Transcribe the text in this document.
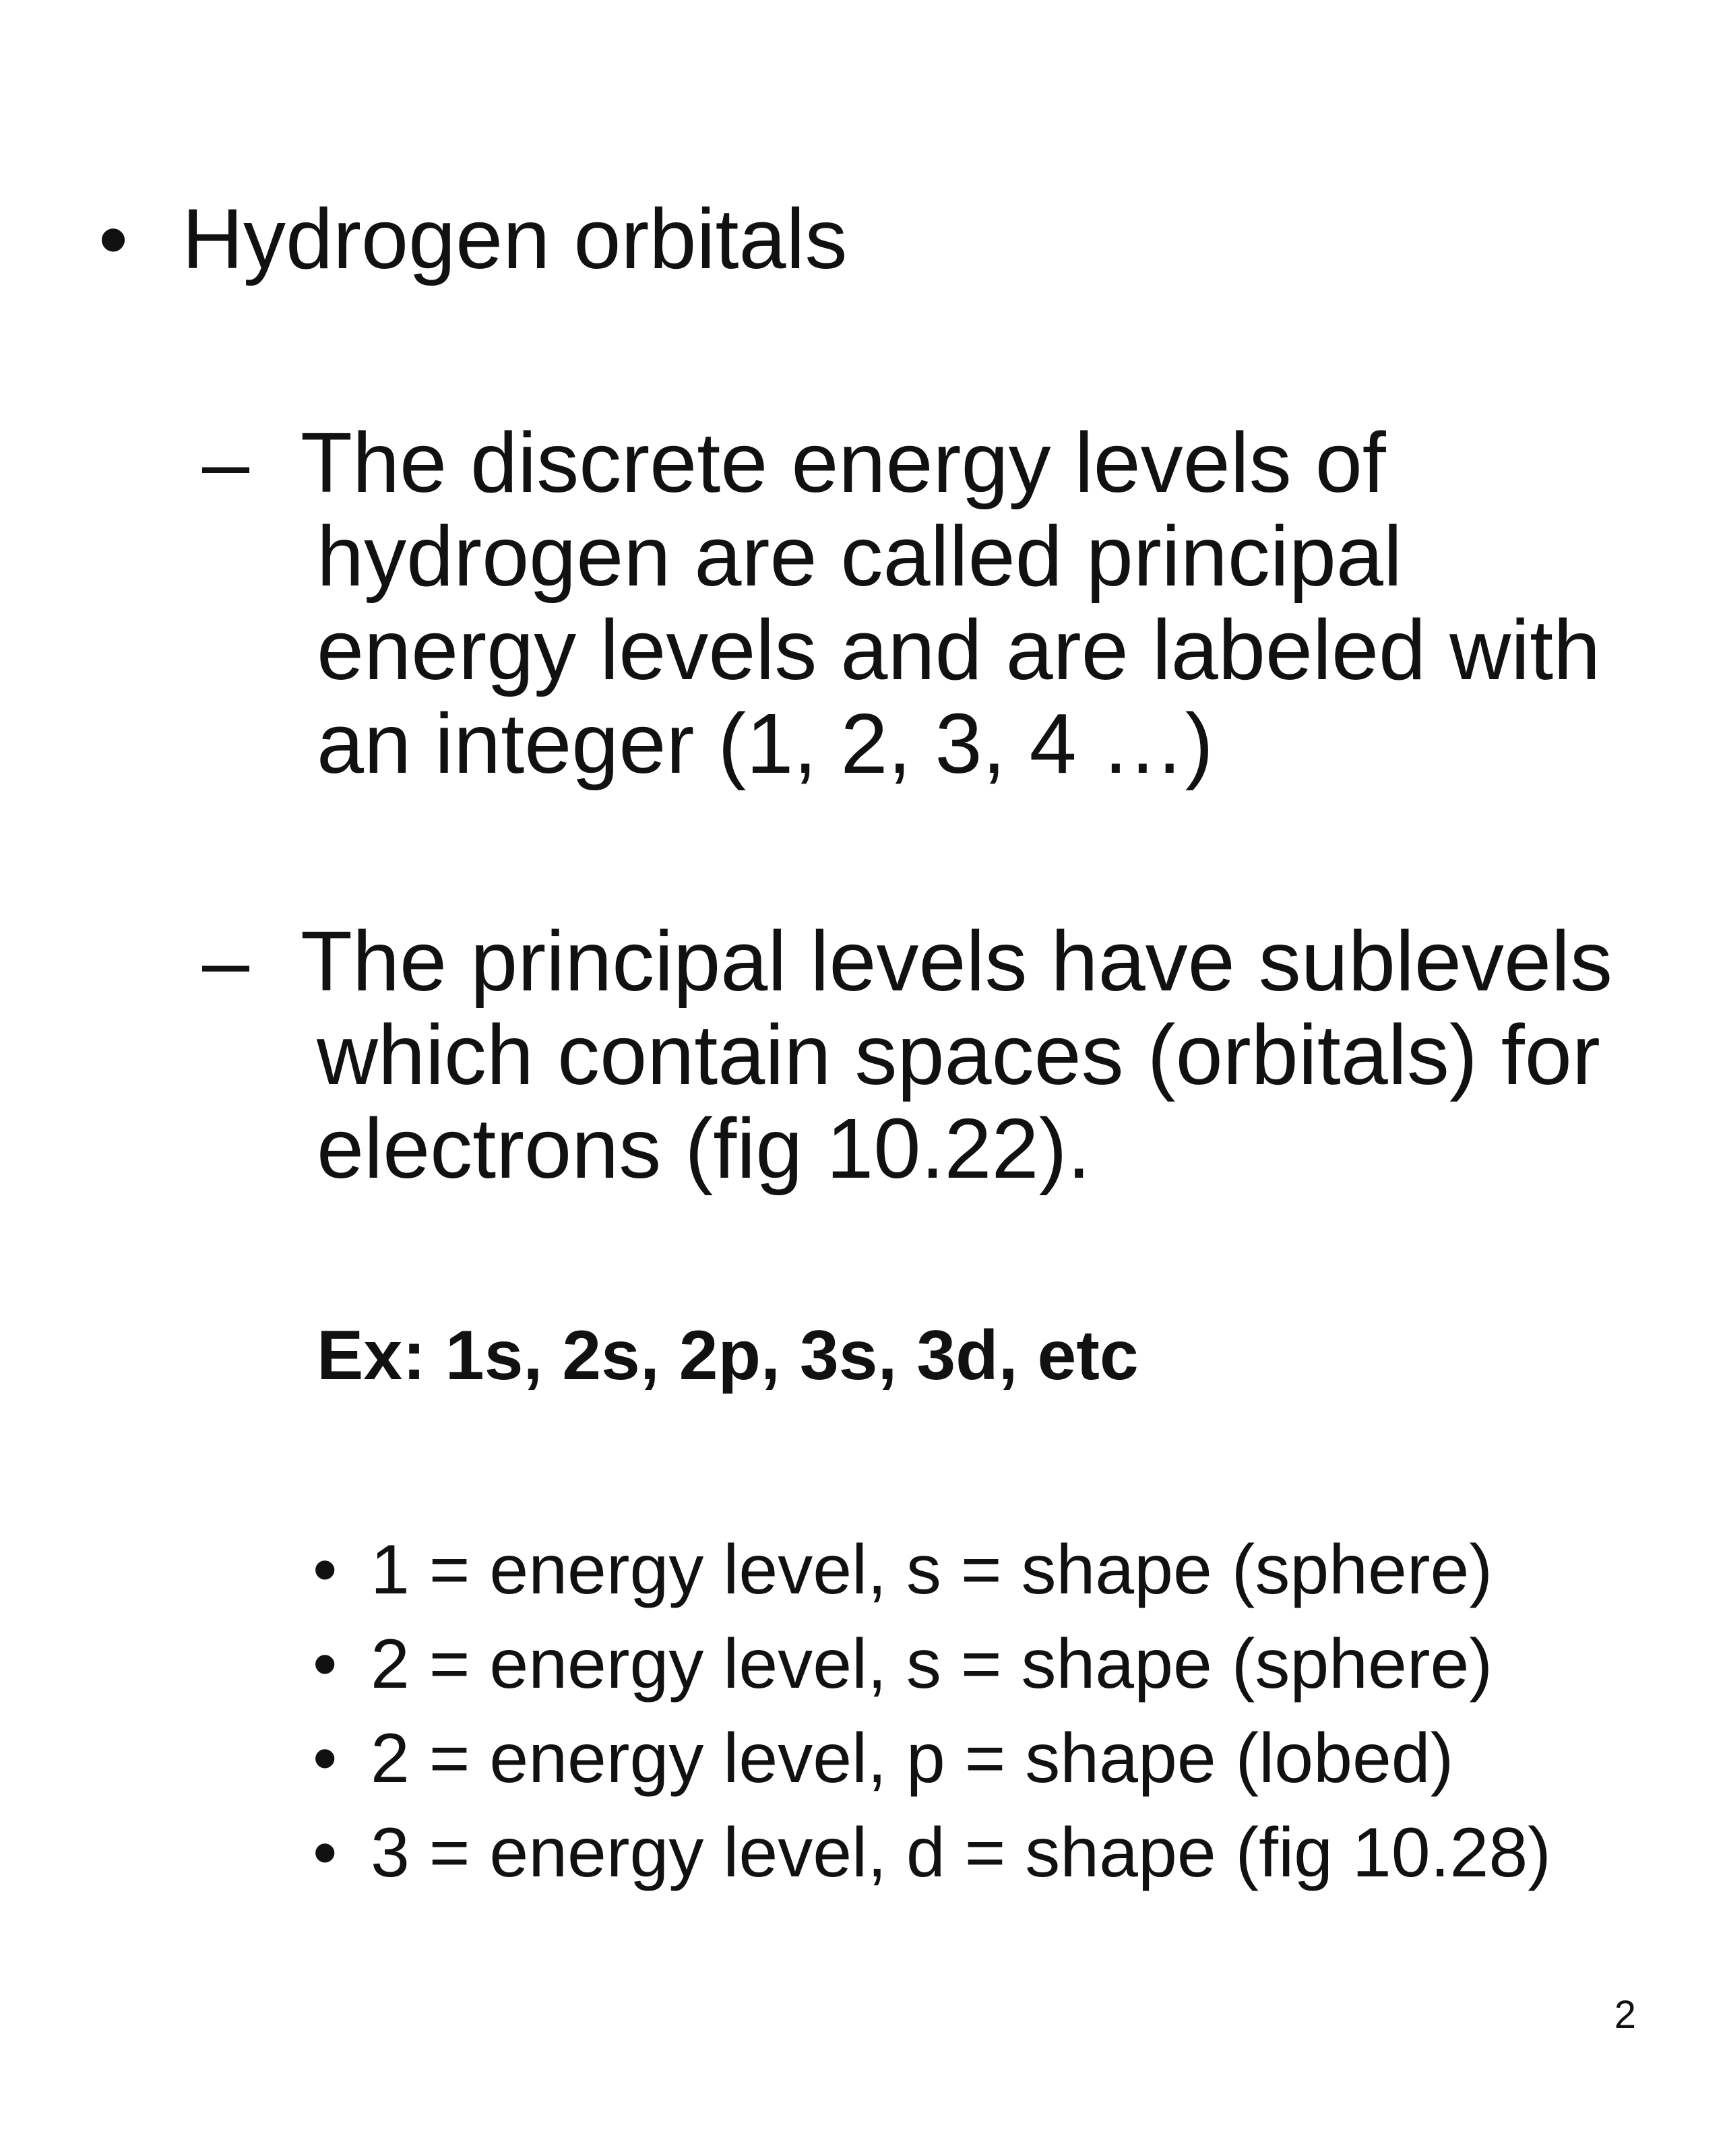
• Hydrogen orbitals
– The discrete energy levels of
hydrogen are called principal
energy levels and are labeled with
an integer (1, 2, 3, 4 …)
– The principal levels have sublevels
which contain spaces (orbitals) for
electrons (fig 10.22).
Ex: 1s, 2s, 2p, 3s, 3d, etc
• 1 = energy level, s = shape (sphere)
• 2 = energy level, s = shape (sphere)
• 2 = energy level, p = shape (lobed)
• 3 = energy level, d = shape (fig 10.28)
2
